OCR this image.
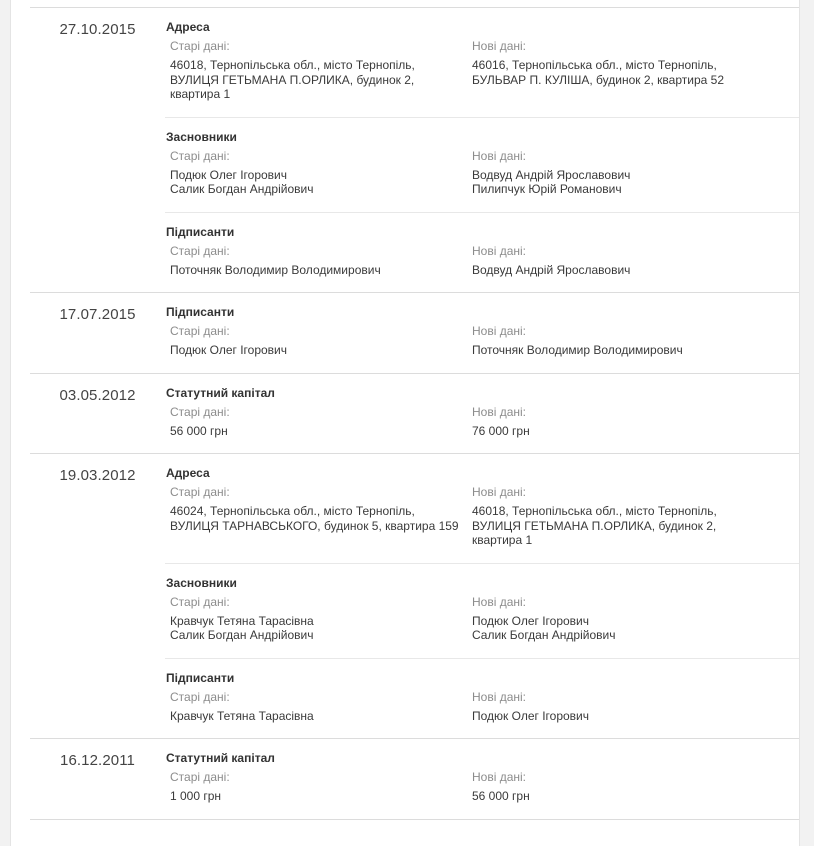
27.10.2015	Адреса
Старі дані:
46018, Тернопільська обл., місто Тернопіль,
ВУЛИЦЯ ГЕТЬМАНА П.ОРЛИКА, будинок 2,
квартира 1
Нові дані:
46016, Тернопільська обл., місто Тернопіль,
БУЛЬВАР П. КУЛІША, будинок 2, квартира 52
Засновники
Старі дані:
Подюк Олег Ігорович
Салик Богдан Андрійович
Нові дані:
Водвуд Андрій Ярославович
Пилипчук Юрій Романович
Підписанти
Старі дані:
Поточняк Володимир Володимирович
Нові дані:
Водвуд Андрій Ярославович
17.07.2015	Підписанти
Старі дані:
Подюк Олег Ігорович
Нові дані:
Поточняк Володимир Володимирович
03.05.2012	Статутний капітал
Старі дані:
56 000 грн
Нові дані:
76 000 грн
19.03.2012	Адреса
Старі дані:
46024, Тернопільська обл., місто Тернопіль,
ВУЛИЦЯ ТАРНАВСЬКОГО, будинок 5, квартира 159
Нові дані:
46018, Тернопільська обл., місто Тернопіль,
ВУЛИЦЯ ГЕТЬМАНА П.ОРЛИКА, будинок 2,
квартира 1
Засновники
Старі дані:
Кравчук Тетяна Тарасівна
Салик Богдан Андрійович
Нові дані:
Подюк Олег Ігорович
Салик Богдан Андрійович
Підписанти
Старі дані:
Кравчук Тетяна Тарасівна
Нові дані:
Подюк Олег Ігорович
16.12.2011	Статутний капітал
Старі дані:
1 000 грн
Нові дані:
56 000 грн
